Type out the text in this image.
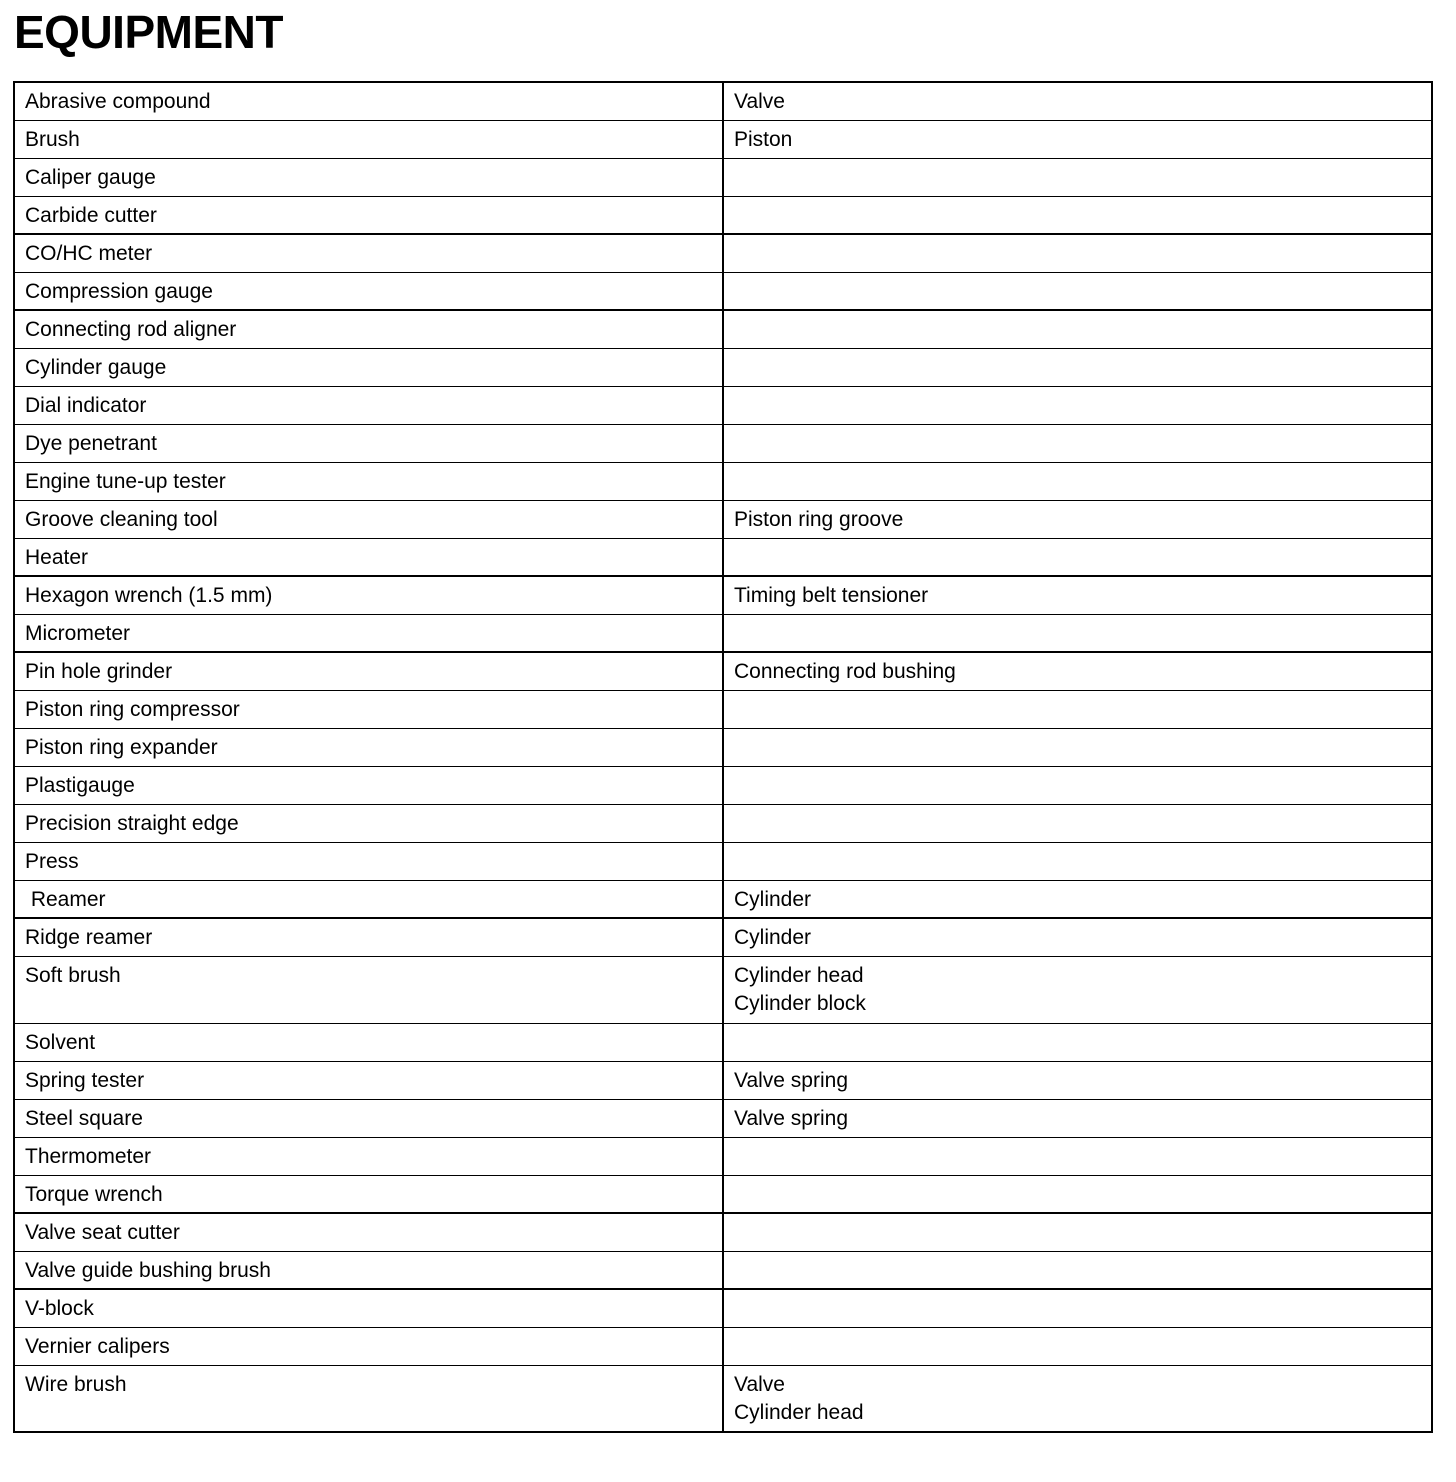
EQUIPMENT
Abrasive compound	Valve

Brush	Piston

Caliper gauge	

Carbide cutter	

CO/HC meter	

Compression gauge	

Connecting rod aligner	

Cylinder gauge	

Dial indicator	

Dye penetrant	

Engine tune-up tester	

Groove cleaning tool	Piston ring groove

Heater	

Hexagon wrench (1.5 mm)	Timing belt tensioner

Micrometer	

Pin hole grinder	Connecting rod bushing

Piston ring compressor	

Piston ring expander	

Plastigauge	

Precision straight edge	

Press	

Reamer	Cylinder

Ridge reamer	Cylinder

Soft brush	Cylinder head
Cylinder block

Solvent	

Spring tester	Valve spring

Steel square	Valve spring

Thermometer	

Torque wrench	

Valve seat cutter	

Valve guide bushing brush	

V-block	

Vernier calipers	

Wire brush	Valve
Cylinder head
